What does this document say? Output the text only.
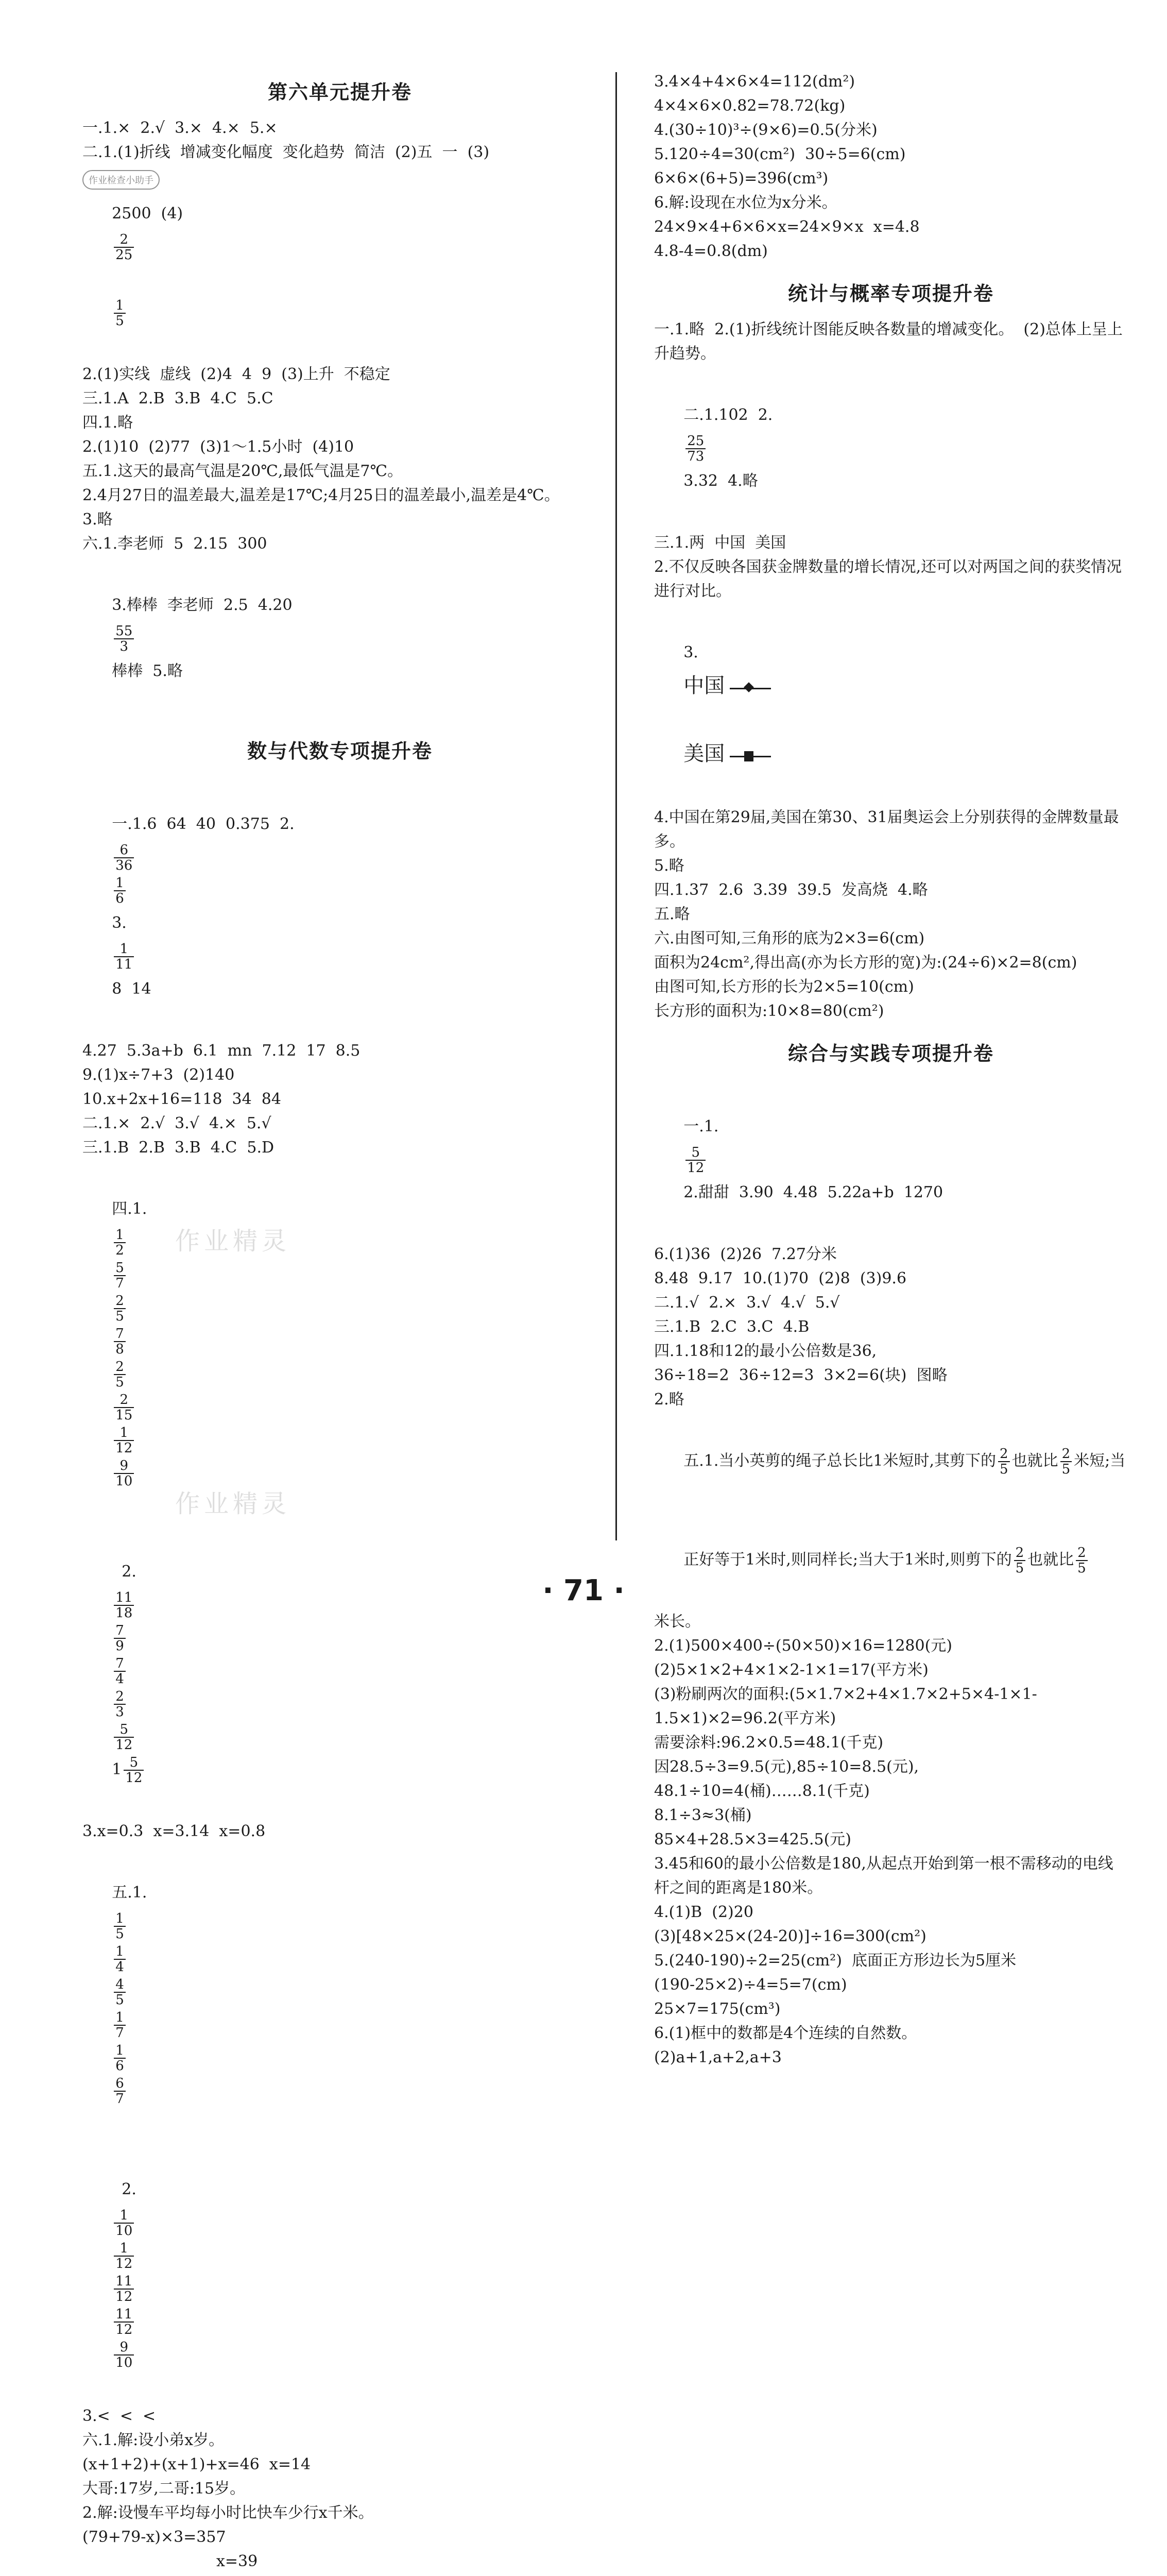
作业检查小助手
第六单元提升卷
一.1.×  2.√  3.×  4.×  5.×
二.1.(1)折线  增减变化幅度  变化趋势  简洁  (2)五  一  (3)

2500  (4)

$\frac{2}{25}$

$\frac{1}{5}$

2.(1)实线  虚线  (2)4  4  9  (3)上升  不稳定
三.1.A  2.B  3.B  4.C  5.C
四.1.略
2.(1)10  (2)77  (3)1～1.5小时  (4)10
五.1.这天的最高气温是20℃,最低气温是7℃。
2.4月27日的温差最大,温差是17℃;4月25日的温差最小,温差是4℃。
3.略
六.1.李老师  5  2.15  300

3.棒棒  李老师  2.5  4.20

$\frac{55}{3}$

棒棒  5.略

数与代数专项提升卷

一.1.6  64  40  0.375  2.

$\frac{6}{36}$

$\frac{1}{6}$

3.

$\frac{1}{11}$

8  14

4.27  5.3a+b  6.1  mn  7.12  17  8.5
9.(1)x÷7+3  (2)140
10.x+2x+16=118  34  84
二.1.×  2.√  3.√  4.×  5.√
三.1.B  2.B  3.B  4.C  5.D

四.1.

$\frac{1}{2}$

$\frac{5}{7}$

$\frac{2}{5}$

$\frac{7}{8}$

$\frac{2}{5}$

$\frac{2}{15}$

$\frac{1}{12}$

$\frac{9}{10}$

2.

$\frac{11}{18}$

$\frac{7}{9}$

$\frac{7}{4}$

$\frac{2}{3}$

$\frac{5}{12}$

$1 \frac{5}{12}$

3.x=0.3  x=3.14  x=0.8

五.1.

$\frac{1}{5}$

$\frac{1}{4}$

$\frac{4}{5}$

$\frac{1}{7}$

$\frac{1}{6}$

$\frac{6}{7}$

2.

$\frac{1}{10}$

$\frac{1}{12}$

$\frac{11}{12}$

$\frac{11}{12}$

$\frac{9}{10}$

3.<  <  <
六.1.解:设小弟x岁。
(x+1+2)+(x+1)+x=46  x=14
大哥:17岁,二哥:15岁。
2.解:设慢车平均每小时比快车少行x千米。
(79+79-x)×3=357
x=39

3.4×4+4×6×4=112(dm²)
4×4×6×0.82=78.72(kg)
4.(30÷10)³÷(9×6)=0.5(分米)
5.120÷4=30(cm²)  30÷5=6(cm)
6×6×(6+5)=396(cm³)
6.解:设现在水位为x分米。
24×9×4+6×6×x=24×9×x  x=4.8
4.8-4=0.8(dm)
统计与概率专项提升卷
一.1.略  2.(1)折线统计图能反映各数量的增减变化。  (2)总体上呈上升趋势。

二.1.102  2.

$\frac{25}{73}$

3.32  4.略

三.1.两  中国  美国
2.不仅反映各国获金牌数量的增长情况,还可以对两国之间的获奖情况进行对比。

3.
中国

美国

4.中国在第29届,美国在第30、31届奥运会上分别获得的金牌数量最多。
5.略
四.1.37  2.6  3.39  39.5  发高烧  4.略
五.略
六.由图可知,三角形的底为2×3=6(cm)
面积为24cm²,得出高(亦为长方形的宽)为:(24÷6)×2=8(cm)
由图可知,长方形的长为2×5=10(cm)
长方形的面积为:10×8=80(cm²)
综合与实践专项提升卷

一.1.

$\frac{5}{12}$

2.甜甜  3.90  4.48  5.22a+b  1270

6.(1)36  (2)26  7.27分米
8.48  9.17  10.(1)70  (2)8  (3)9.6
二.1.√  2.×  3.√  4.√  5.√
三.1.B  2.C  3.C  4.B
四.1.18和12的最小公倍数是36,
36÷18=2  36÷12=3  3×2=6(块)  图略
2.略

五.1.当小英剪的绳子总长比1米短时,其剪下的 $\frac{2}{5}$ 也就比 $\frac{2}{5}$ 米短;当

正好等于1米时,则同样长;当大于1米时,则剪下的 $\frac{2}{5}$ 也就比 $\frac{2}{5}$

米长。
2.(1)500×400÷(50×50)×16=1280(元)
(2)5×1×2+4×1×2-1×1=17(平方米)
(3)粉刷两次的面积:(5×1.7×2+4×1.7×2+5×4-1×1-1.5×1)×2=96.2(平方米)
需要涂料:96.2×0.5=48.1(千克)
因28.5÷3=9.5(元),85÷10=8.5(元),
48.1÷10=4(桶)……8.1(千克)
8.1÷3≈3(桶)
85×4+28.5×3=425.5(元)
3.45和60的最小公倍数是180,从起点开始到第一根不需移动的电线杆之间的距离是180米。
4.(1)B  (2)20
(3)[48×25×(24-20)]÷16=300(cm²)
5.(240-190)÷2=25(cm²)  底面正方形边长为5厘米
(190-25×2)÷4=5=7(cm)
25×7=175(cm³)
6.(1)框中的数都是4个连续的自然数。
(2)a+1,a+2,a+3
作业精灵
作业精灵
· 71 ·
